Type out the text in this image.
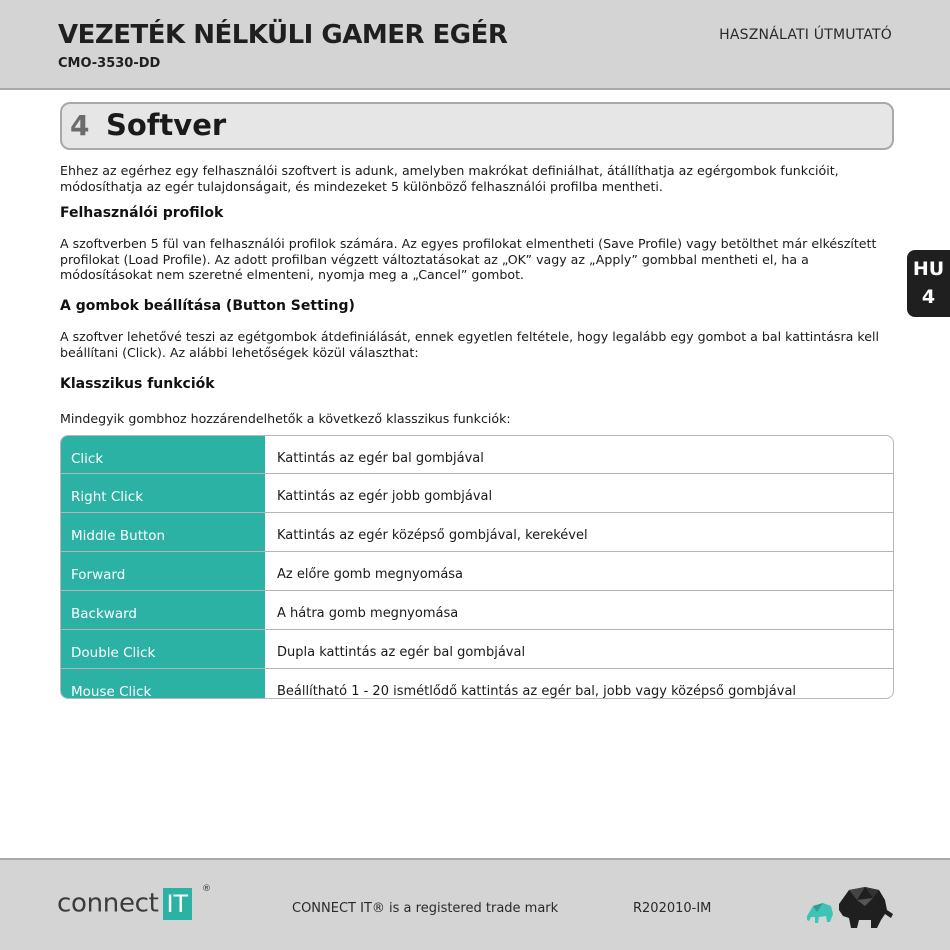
VEZETÉK NÉLKÜLI GAMER EGÉR
CMO-3530-DD
HASZNÁLATI ÚTMUTATÓ
4 Softver
Ehhez az egérhez egy felhasználói szoftvert is adunk, amelyben makrókat definiálhat, átállíthatja az egérgombok funkcióit, módosíthatja az egér tulajdonságait, és mindezeket 5 különböző felhasználói profilba mentheti.
Felhasználói profilok
A szoftverben 5 fül van felhasználói profilok számára. Az egyes profilokat elmentheti (Save Profile) vagy betölthet már elkészített profilokat (Load Profile). Az adott profilban végzett változtatásokat az „OK” vagy az „Apply” gombbal mentheti el, ha a módosításokat nem szeretné elmenteni, nyomja meg a „Cancel” gombot.
A gombok beállítása (Button Setting)
A szoftver lehetővé teszi az egétgombok átdefiniálását, ennek egyetlen feltétele, hogy legalább egy gombot a bal kattintásra kell beállítani (Click). Az alábbi lehetőségek közül választhat:
Klasszikus funkciók
Mindegyik gombhoz hozzárendelhetők a következő klasszikus funkciók:
Click	Kattintás az egér bal gombjával
Right Click	Kattintás az egér jobb gombjával
Middle Button	Kattintás az egér középső gombjával, kerekével
Forward	Az előre gomb megnyomása
Backward	A hátra gomb megnyomása
Double Click	Dupla kattintás az egér bal gombjával
Mouse Click	Beállítható 1 - 20 ismétlődő kattintás az egér bal, jobb vagy középső gombjával
HU
4
connect IT
®
CONNECT IT® is a registered trade mark	R202010-IM
